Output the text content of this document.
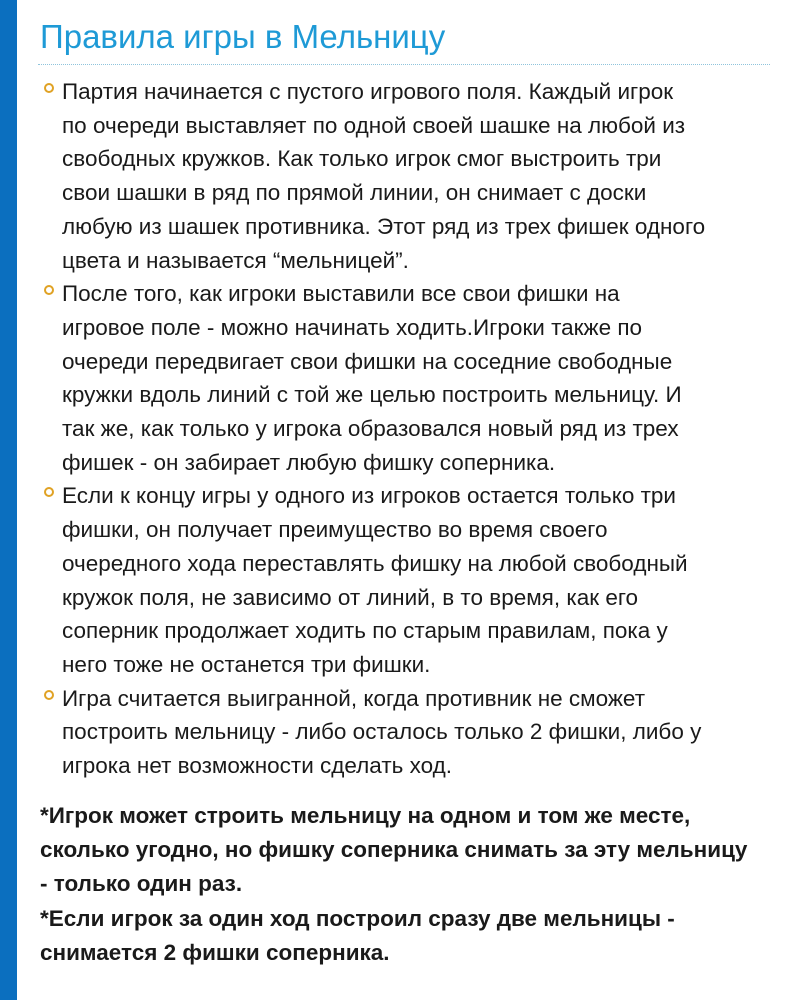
Правила игры в Мельницу
Партия начинается с пустого игрового поля. Каждый игрок
по очереди выставляет по одной своей шашке на любой из
свободных кружков. Как только игрок смог выстроить три
свои шашки в ряд по прямой линии, он снимает с доски
любую из шашек противника. Этот ряд из трех фишек одного
цвета и называется “мельницей”.
После того, как игроки выставили все свои фишки на
игровое поле - можно начинать ходить.Игроки также по
очереди передвигает свои фишки на соседние свободные
кружки вдоль линий с той же целью построить мельницу. И
так же, как только у игрока образовался новый ряд из трех
фишек - он забирает любую фишку соперника.
Если к концу игры у одного из игроков остается только три
фишки, он получает преимущество во время своего
очередного хода переставлять фишку на любой свободный
кружок поля, не зависимо от линий, в то время, как его
соперник продолжает ходить по старым правилам, пока у
него тоже не останется три фишки.
Игра считается выигранной, когда противник не сможет
построить мельницу - либо осталось только 2 фишки, либо у
игрока нет возможности сделать ход.
*Игрок может строить мельницу на одном и том же месте,
сколько угодно, но фишку соперника снимать за эту мельницу
- только один раз.
*Если игрок за один ход построил сразу две мельницы -
снимается 2 фишки соперника.
